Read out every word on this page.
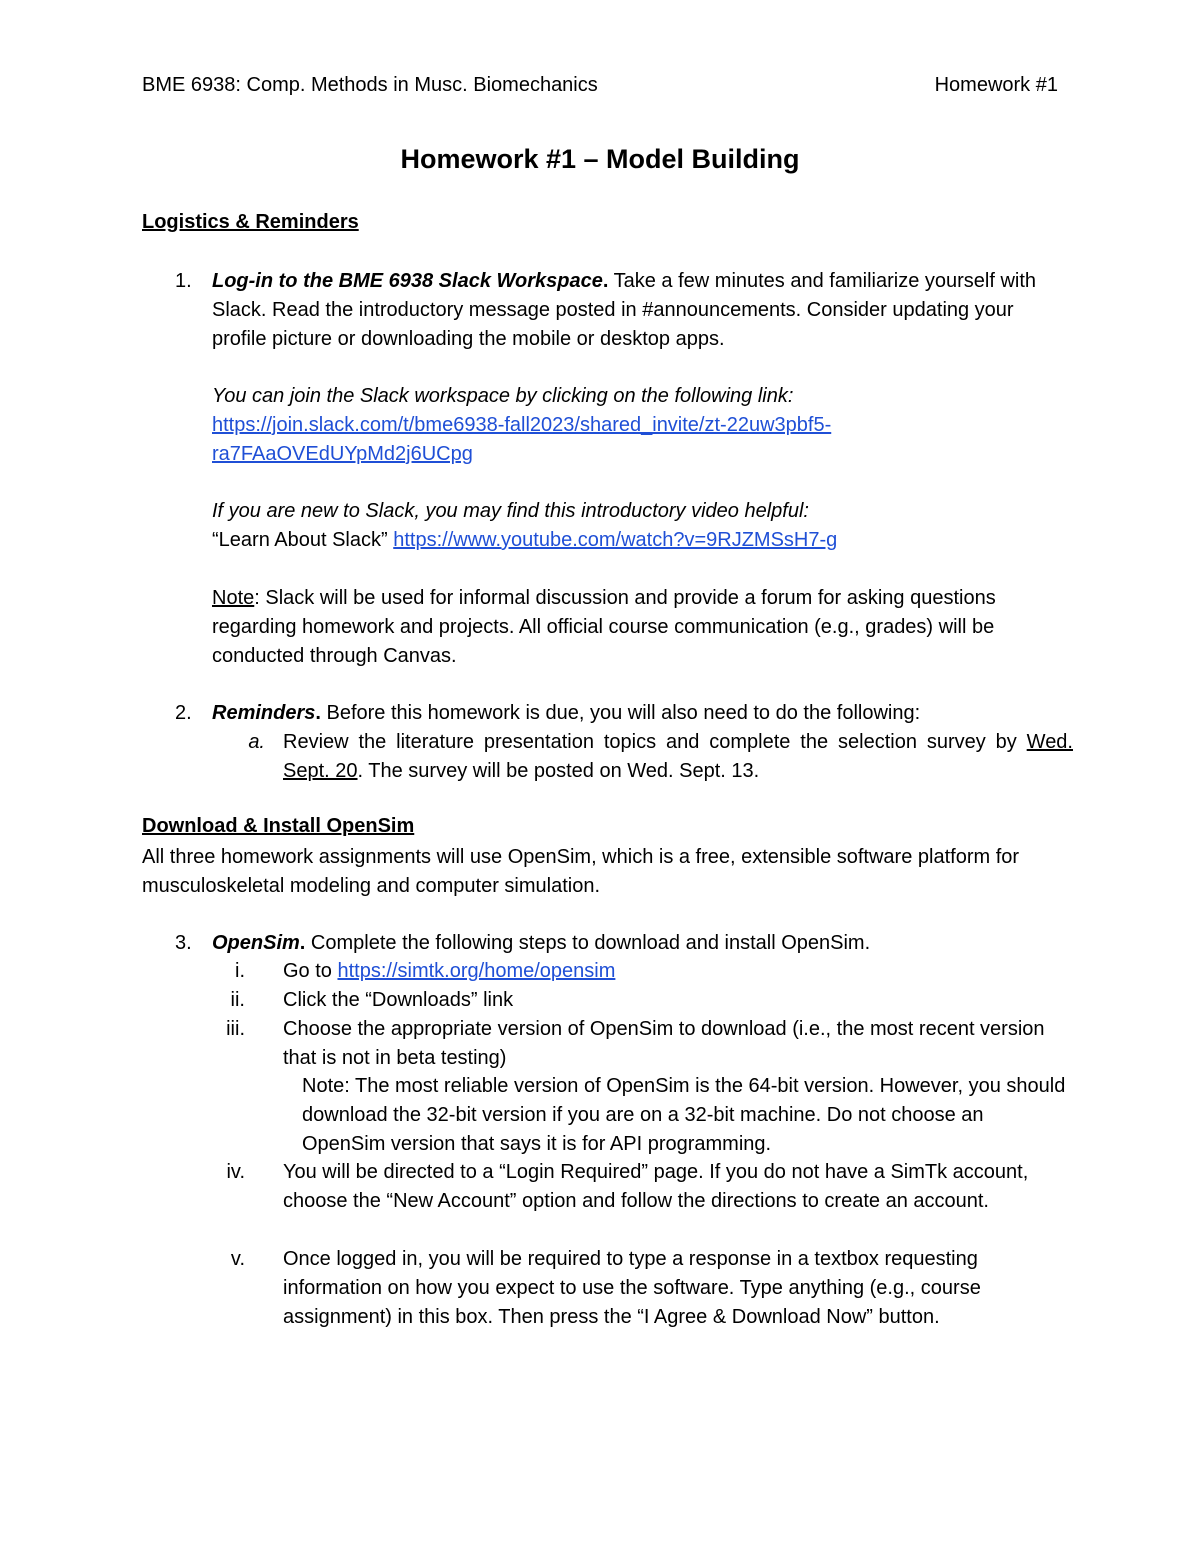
BME 6938: Comp. Methods in Musc. Biomechanics	Homework #1
Homework #1 – Model Building
Logistics & Reminders
1. Log-in to the BME 6938 Slack Workspace. Take a few minutes and familiarize yourself with Slack. Read the introductory message posted in #announcements. Consider updating your profile picture or downloading the mobile or desktop apps.
You can join the Slack workspace by clicking on the following link:
https://join.slack.com/t/bme6938-fall2023/shared_invite/zt-22uw3pbf5-
ra7FAaOVEdUYpMd2j6UCpg
If you are new to Slack, you may find this introductory video helpful:
“Learn About Slack” https://www.youtube.com/watch?v=9RJZMSsH7-g
Note: Slack will be used for informal discussion and provide a forum for asking questions regarding homework and projects. All official course communication (e.g., grades) will be conducted through Canvas.
2. Reminders. Before this homework is due, you will also need to do the following:
a. Review the literature presentation topics and complete the selection survey by Wed. Sept. 20. The survey will be posted on Wed. Sept. 13.
Download & Install OpenSim
All three homework assignments will use OpenSim, which is a free, extensible software platform for musculoskeletal modeling and computer simulation.
3. OpenSim. Complete the following steps to download and install OpenSim.
i. Go to https://simtk.org/home/opensim
ii. Click the “Downloads” link
iii. Choose the appropriate version of OpenSim to download (i.e., the most recent version that is not in beta testing)
Note: The most reliable version of OpenSim is the 64-bit version. However, you should download the 32-bit version if you are on a 32-bit machine. Do not choose an OpenSim version that says it is for API programming.
iv. You will be directed to a “Login Required” page. If you do not have a SimTk account, choose the “New Account” option and follow the directions to create an account.
v. Once logged in, you will be required to type a response in a textbox requesting information on how you expect to use the software. Type anything (e.g., course assignment) in this box. Then press the “I Agree & Download Now” button.
